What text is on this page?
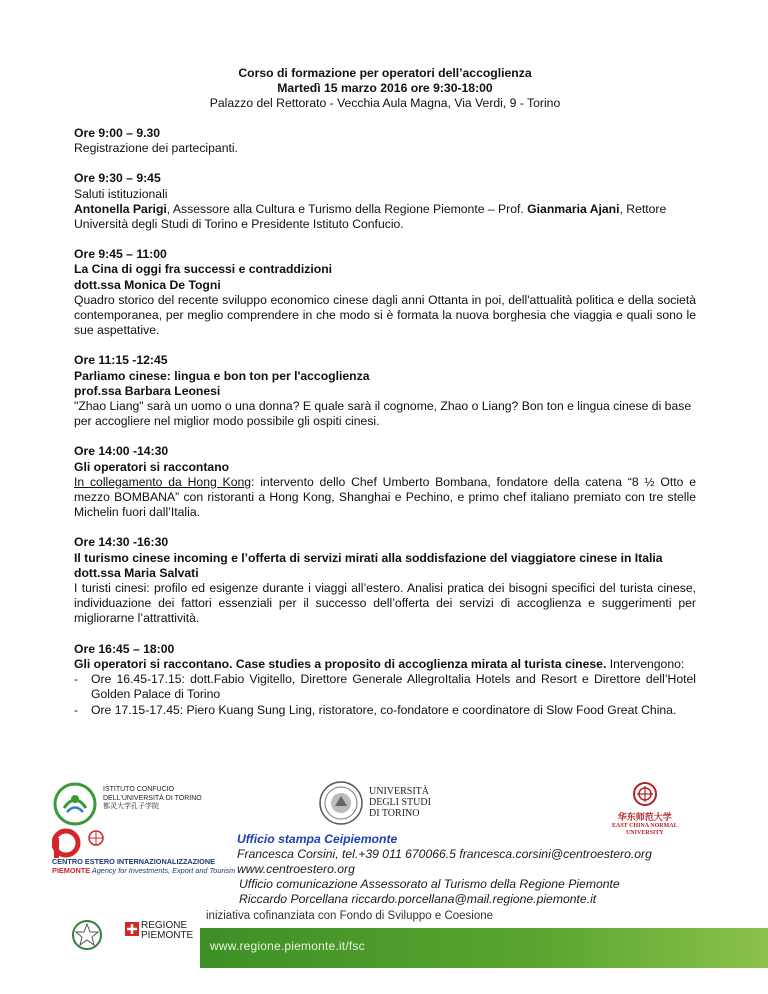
Corso di formazione per operatori dell’accoglienza
Martedì 15 marzo 2016 ore 9:30-18:00
Palazzo del Rettorato - Vecchia Aula Magna, Via Verdi, 9 - Torino
Ore 9:00 – 9.30
Registrazione dei partecipanti.
Ore 9:30 – 9:45
Saluti istituzionali
Antonella Parigi, Assessore alla Cultura e Turismo della Regione Piemonte – Prof. Gianmaria Ajani, Rettore Università degli Studi di Torino e Presidente Istituto Confucio.
Ore 9:45 – 11:00
La Cina di oggi fra successi e contraddizioni
dott.ssa Monica De Togni
Quadro storico del recente sviluppo economico cinese dagli anni Ottanta in poi, dell'attualità politica e della società contemporanea, per meglio comprendere in che modo si è formata la nuova borghesia che viaggia e quali sono le sue aspettative.
Ore 11:15 -12:45
Parliamo cinese: lingua e bon ton per l'accoglienza
prof.ssa Barbara Leonesi
"Zhao Liang" sarà un uomo o una donna? E quale sarà il cognome, Zhao o Liang? Bon ton e lingua cinese di base per accogliere nel miglior modo possibile gli ospiti cinesi.
Ore 14:00 -14:30
Gli operatori si raccontano
In collegamento da Hong Kong: intervento dello Chef Umberto Bombana, fondatore della catena “8 ½ Otto e mezzo BOMBANA” con ristoranti a Hong Kong, Shanghai e Pechino, e primo chef italiano premiato con tre stelle Michelin fuori dall’Italia.
Ore 14:30 -16:30
Il turismo cinese incoming e l’offerta di servizi mirati alla soddisfazione del viaggiatore cinese in Italia
dott.ssa Maria Salvati
I turisti cinesi: profilo ed esigenze durante i viaggi all’estero. Analisi pratica dei bisogni specifici del turista cinese, individuazione dei fattori essenziali per il successo dell’offerta dei servizi di accoglienza e suggerimenti per migliorarne l’attrattività.
Ore 16:45 – 18:00
Gli operatori si raccontano. Case studies a proposito di accoglienza mirata al turista cinese. Intervengono:
- Ore 16.45-17.15: dott.Fabio Vigitello, Direttore Generale AllegroItalia Hotels and Resort e Direttore dell’Hotel Golden Palace di Torino
- Ore 17.15-17.45: Piero Kuang Sung Ling, ristoratore, co-fondatore e coordinatore di Slow Food Great China.
ISTITUTO CONFUCIO
DELL'UNIVERSITÀ DI TORINO
都灵大学孔子学院
UNIVERSITÀ
DEGLI STUDI
DI TORINO	华东师范大学
EAST CHINA NORMAL
UNIVERSITY
CENTRO ESTERO INTERNAZIONALIZZAZIONE
PIEMONTE Agency for Investments, Export and Tourism
Ufficio stampa Ceipiemonte
Francesca Corsini, tel.+39 011 670066.5 francesca.corsini@centroestero.org
www.centroestero.org
Ufficio comunicazione Assessorato al Turismo della Regione Piemonte
Riccardo Porcellana riccardo.porcellana@mail.regione.piemonte.it
REGIONE
PIEMONTE
iniziativa cofinanziata con Fondo di Sviluppo e Coesione
www.regione.piemonte.it/fsc
